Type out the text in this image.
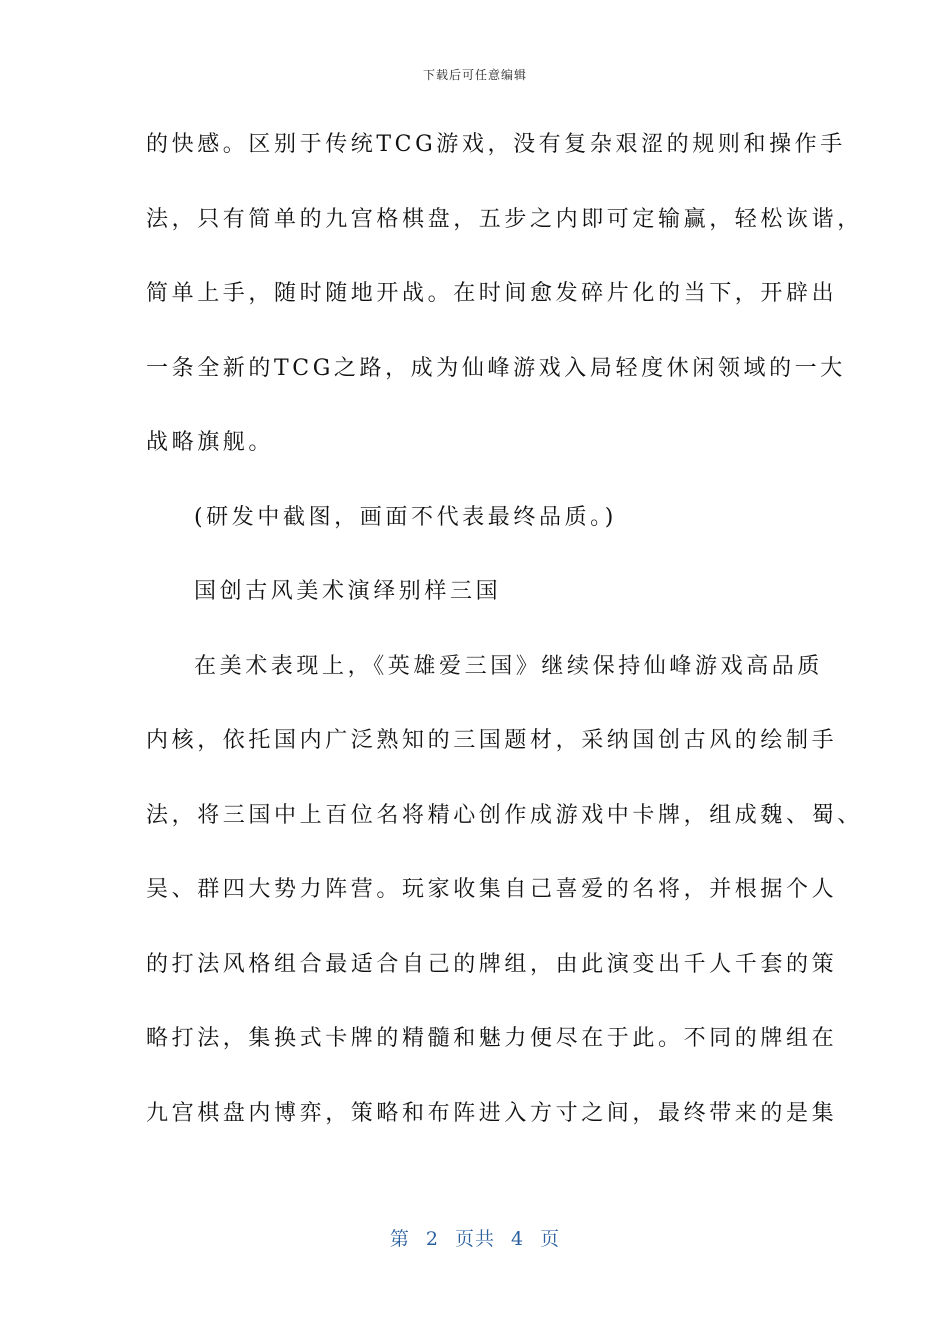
下载后可任意编辑
的快感。区别于传统TCG游戏，没有复杂艰涩的规则和操作手
法，只有简单的九宫格棋盘，五步之内即可定输赢，轻松诙谐，
简单上手，随时随地开战。在时间愈发碎片化的当下，开辟出
一条全新的TCG之路，成为仙峰游戏入局轻度休闲领域的一大
战略旗舰。
(研发中截图，画面不代表最终品质。)
国创古风美术演绎别样三国
在美术表现上，《英雄爱三国》继续保持仙峰游戏高品质
内核，依托国内广泛熟知的三国题材，采纳国创古风的绘制手
法，将三国中上百位名将精心创作成游戏中卡牌，组成魏、蜀、
吴、群四大势力阵营。玩家收集自己喜爱的名将，并根据个人
的打法风格组合最适合自己的牌组，由此演变出千人千套的策
略打法，集换式卡牌的精髓和魅力便尽在于此。不同的牌组在
九宫棋盘内博弈，策略和布阵进入方寸之间，最终带来的是集
第 2 页共 4 页
